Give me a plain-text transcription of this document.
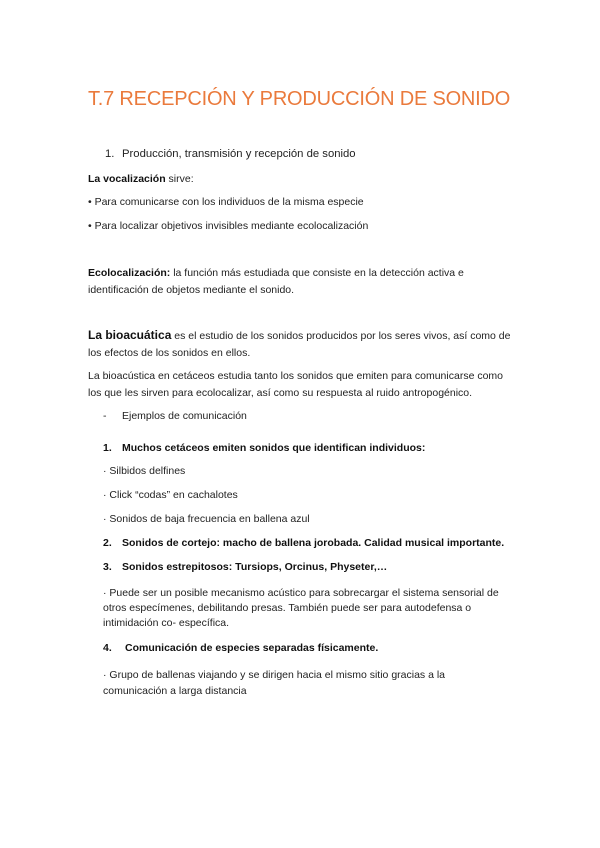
T.7 RECEPCIÓN Y PRODUCCIÓN DE SONIDO
1. Producción, transmisión y recepción de sonido
La vocalización sirve:
• Para comunicarse con los individuos de la misma especie
• Para localizar objetivos invisibles mediante ecolocalización
Ecolocalización: la función más estudiada que consiste en la detección activa e
identificación de objetos mediante el sonido.
La bioacuática es el estudio de los sonidos producidos por los seres vivos, así como de
los efectos de los sonidos en ellos.
La bioacústica en cetáceos estudia tanto los sonidos que emiten para comunicarse como
los que les sirven para ecolocalizar, así como su respuesta al ruido antropogénico.
- Ejemplos de comunicación
1. Muchos cetáceos emiten sonidos que identifican individuos:
· Silbidos delfines
· Click “codas” en cachalotes
· Sonidos de baja frecuencia en ballena azul
2. Sonidos de cortejo: macho de ballena jorobada. Calidad musical importante.
3. Sonidos estrepitosos: Tursiops, Orcinus, Physeter,…
· Puede ser un posible mecanismo acústico para sobrecargar el sistema sensorial de
otros especímenes, debilitando presas. También puede ser para autodefensa o
intimidación co- específica.
4. Comunicación de especies separadas físicamente.
· Grupo de ballenas viajando y se dirigen hacia el mismo sitio gracias a la
comunicación a larga distancia
